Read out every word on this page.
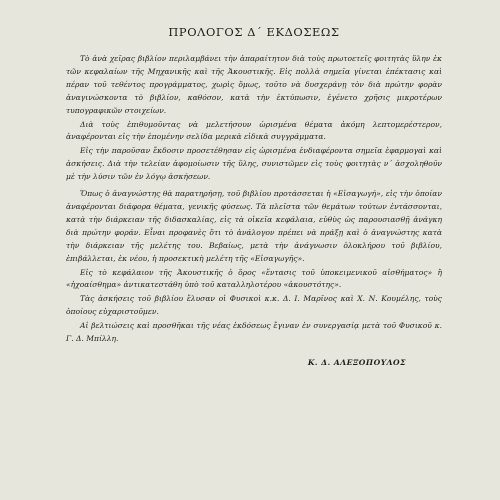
ΠΡΟΛΟΓΟΣ Δ΄ ΕΚΔΟΣΕΩΣ

Τὸ ἀνὰ χεῖρας βιβλίον περιλαμβάνει τὴν ἀπαραίτητον διὰ τοὺς πρωτοετεῖς φοιτητὰς ὕλην ἐκ τῶν κεφαλαίων τῆς Μηχανικῆς καὶ τῆς Ἀκουστικῆς. Εἰς πολλὰ σημεῖα γίνεται ἐπέκτασις καὶ πέραν τοῦ τεθέντος προγράμματος, χωρὶς ὅμως, τοῦτο νὰ δυσχεράνῃ τὸν διὰ πρώτην φορὰν ἀναγινώσκοντα τὸ βιβλίον, καθόσον, κατὰ τὴν ἐκτύπωσιν, ἐγένετο χρῆσις μικροτέρων τυπογραφικῶν στοιχείων.

Διὰ τοὺς ἐπιθυμοῦντας νὰ μελετήσουν ὡρισμένα θέματα ἀκόμη λεπτομερέστερον, ἀναφέρονται εἰς τὴν ἑπομένην σελίδα μερικὰ εἰδικὰ συγγράμματα.

Εἰς τὴν παροῦσαν ἔκδοσιν προσετέθησαν εἰς ὡρισμένα ἐνδιαφέροντα σημεῖα ἐφαρμογαὶ καὶ ἀσκήσεις. Διὰ τὴν τελείαν ἀφομοίωσιν τῆς ὕλης, συνιστῶμεν εἰς τοὺς φοιτητὰς ν΄ ἀσχοληθοῦν μὲ τὴν λύσιν τῶν ἐν λόγῳ ἀσκήσεων.

Ὅπως ὁ ἀναγνώστης θὰ παρατηρήσῃ, τοῦ βιβλίου προτάσσεται ἡ «Εἰσαγωγή», εἰς τὴν ὁποίαν ἀναφέρονται διάφορα θέματα, γενικῆς φύσεως. Τὰ πλεῖστα τῶν θεμάτων τούτων ἐντάσσονται, κατὰ τὴν διάρκειαν τῆς διδασκαλίας, εἰς τὰ οἰκεῖα κεφάλαια, εὐθὺς ὡς παρουσιασθῇ ἀνάγκη διὰ πρώτην φοράν. Εἶναι προφανὲς ὅτι τὸ ἀνάλογον πρέπει νὰ πράξῃ καὶ ὁ ἀναγνώστης κατὰ τὴν διάρκειαν τῆς μελέτης του. Βεβαίως, μετὰ τὴν ἀνάγνωσιν ὁλοκλήρου τοῦ βιβλίου, ἐπιβάλλεται, ἐκ νέου, ἡ προσεκτικὴ μελέτη τῆς «Εἰσαγωγῆς».

Εἰς τὸ κεφάλαιον τῆς Ἀκουστικῆς ὁ ὅρος «ἔντασις τοῦ ὑποκειμενικοῦ αἰσθήματος» ἢ «ἠχοαίσθημα» ἀντικατεστάθη ὑπὸ τοῦ καταλληλοτέρου «ἀκουστότης».

Τὰς ἀσκήσεις τοῦ βιβλίου ἔλυσαν οἱ Φυσικοὶ κ.κ. Δ. Ι. Μαρῖνος καὶ Χ. Ν. Κουμέλης, τοὺς ὁποίους εὐχαριστοῦμεν.

Αἱ βελτιώσεις καὶ προσθῆκαι τῆς νέας ἐκδόσεως ἔγιναν ἐν συνεργασίᾳ μετὰ τοῦ Φυσικοῦ κ. Γ. Δ. Μπίλλη.

Κ. Δ. ΑΛΕΞΟΠΟΥΛΟΣ
